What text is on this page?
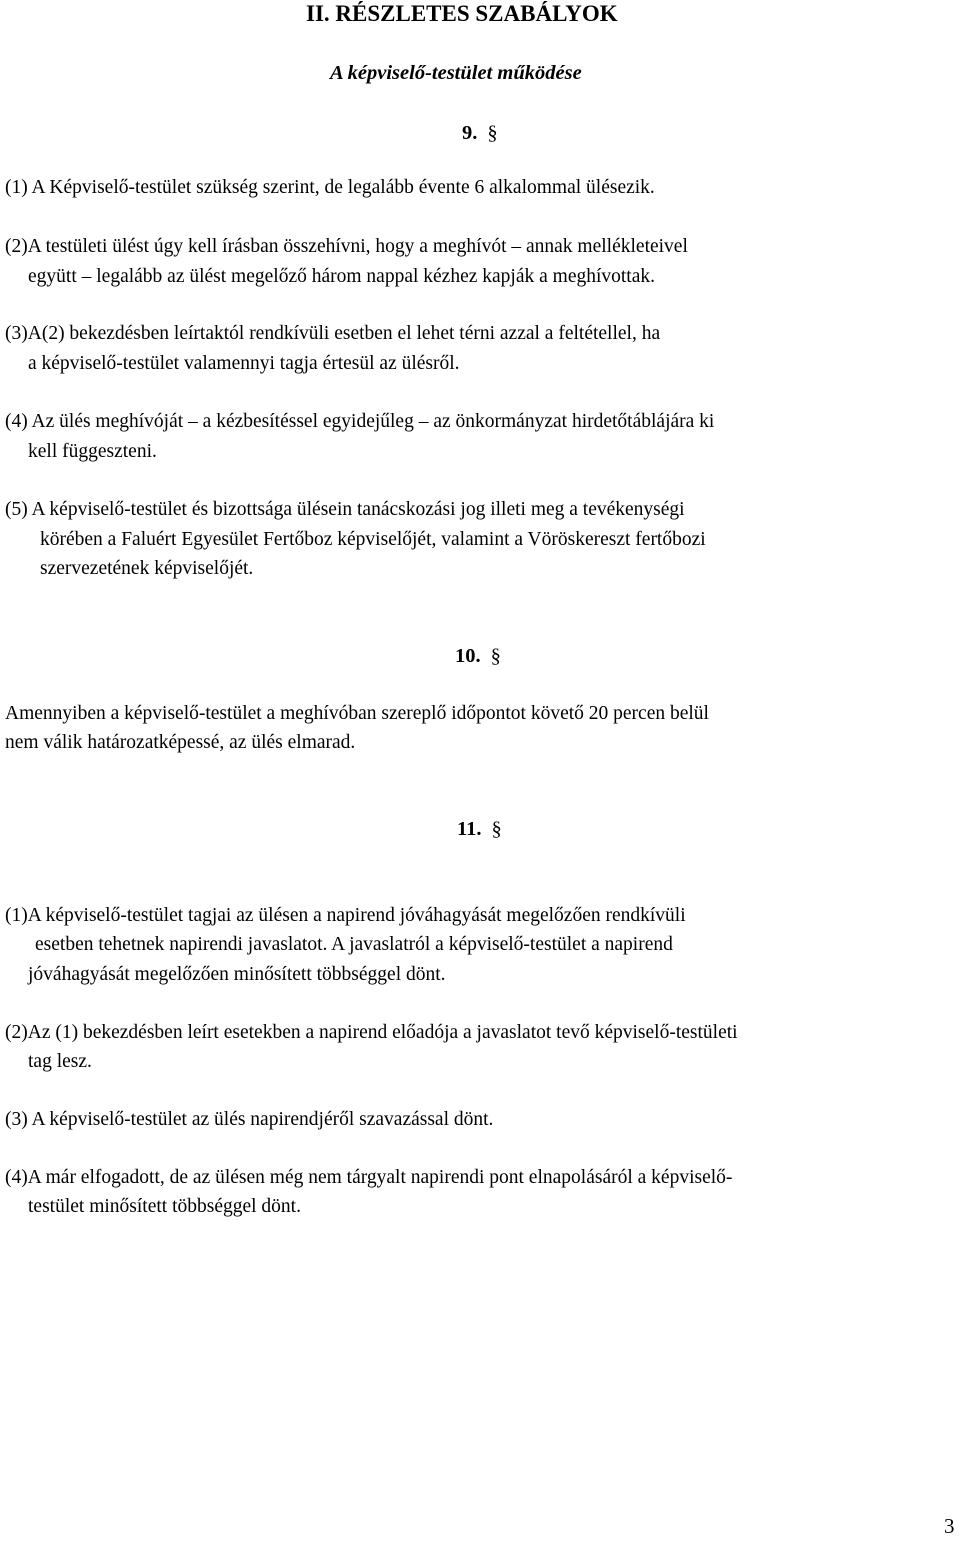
II. RÉSZLETES SZABÁLYOK
A képviselő-testület működése
9. §
(1) A Képviselő-testület szükség szerint, de legalább évente 6 alkalommal ülésezik.
(2)A testületi ülést úgy kell írásban összehívni, hogy a meghívót – annak mellékleteivel
együtt – legalább az ülést megelőző három nappal kézhez kapják a meghívottak.
(3)A(2) bekezdésben leírtaktól rendkívüli esetben el lehet térni azzal a feltétellel, ha
a képviselő-testület valamennyi tagja értesül az ülésről.
(4) Az ülés meghívóját – a kézbesítéssel egyidejűleg – az önkormányzat hirdetőtáblájára ki
kell függeszteni.
(5) A képviselő-testület és bizottsága ülésein tanácskozási jog illeti meg a tevékenységi
körében a Faluért Egyesület Fertőboz képviselőjét, valamint a Vöröskereszt fertőbozi
szervezetének képviselőjét.
10. §
Amennyiben a képviselő-testület a meghívóban szereplő időpontot követő 20 percen belül
nem válik határozatképessé, az ülés elmarad.
11. §
(1)A képviselő-testület tagjai az ülésen a napirend jóváhagyását megelőzően rendkívüli
esetben tehetnek napirendi javaslatot. A javaslatról a képviselő-testület a napirend
jóváhagyását megelőzően minősített többséggel dönt.
(2)Az (1) bekezdésben leírt esetekben a napirend előadója a javaslatot tevő képviselő-testületi
tag lesz.
(3) A képviselő-testület az ülés napirendjéről szavazással dönt.
(4)A már elfogadott, de az ülésen még nem tárgyalt napirendi pont elnapolásáról a képviselő-
testület minősített többséggel dönt.
3
